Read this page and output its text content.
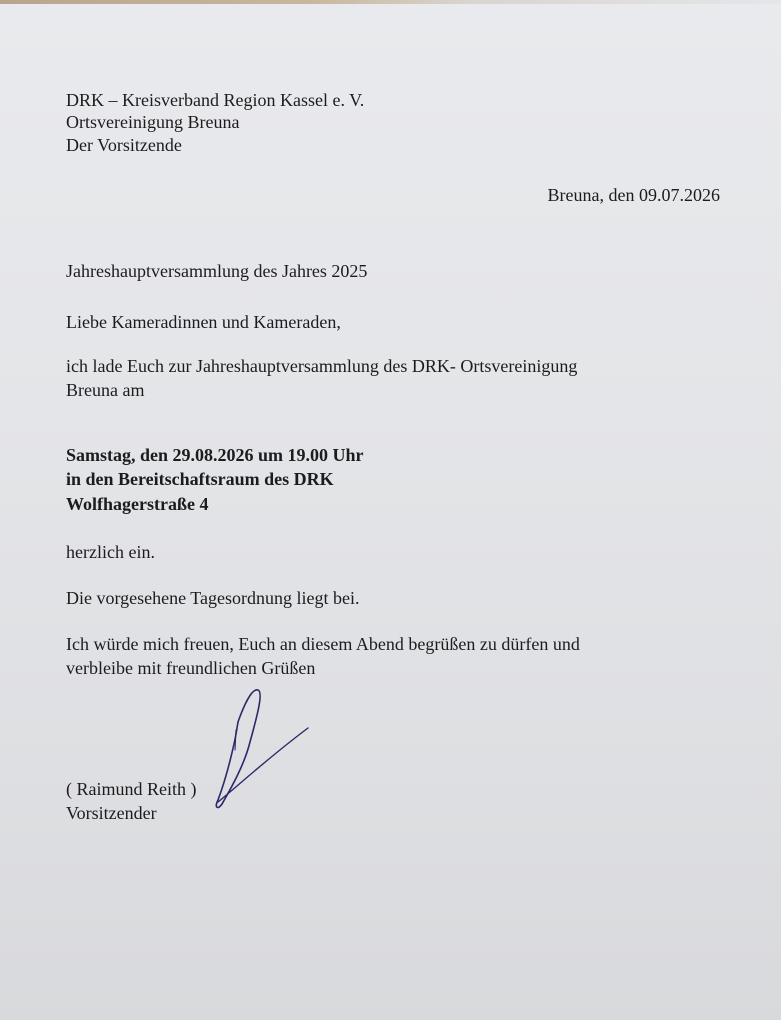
DRK – Kreisverband Region Kassel e. V.

Ortsvereinigung Breuna

Der Vorsitzende

Breuna, den 09.07.2026

Jahreshauptversammlung des Jahres 2025

Liebe Kameradinnen und Kameraden,

ich lade Euch zur Jahreshauptversammlung des DRK- Ortsvereinigung

Breuna am

Samstag, den 29.08.2026 um 19.00 Uhr

in den Bereitschaftsraum des DRK

Wolfhagerstraße 4

herzlich ein.

Die vorgesehene Tagesordnung liegt bei.

Ich würde mich freuen, Euch an diesem Abend begrüßen zu dürfen und

verbleibe mit freundlichen Grüßen

( Raimund Reith )

Vorsitzender
